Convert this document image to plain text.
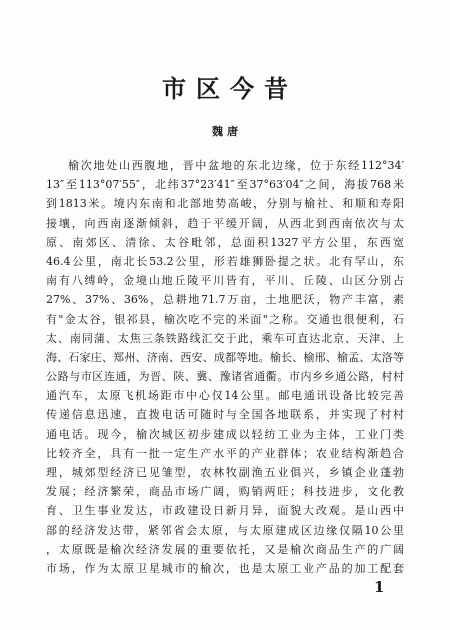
市区今昔
魏唐
榆次地处山西腹地，晋中盆地的东北边缘，位于东经112°34′
13″至113°07′55″，北纬37°23′41″至37°63′04″之间，海拔768米
到1813米。境内东南和北部地势高峻，分别与榆社、和顺和寿阳
接壤，向西南逐渐倾斜，趋于平缓开阔，从西北到西南依次与太
原、南郊区、清徐、太谷毗邻，总面积1327平方公里，东西宽
46.4公里，南北长53.2公里，形若雄狮卧提之状。北有罕山，东
南有八缚岭，金境山地丘陵平川皆有，平川、丘陵、山区分别占
27%、37%、36%，总耕地71.7万亩，土地肥沃，物产丰富，素
有"金太谷，银祁县，榆次吃不完的米面"之称。交通也很便利，石
太、南同蒲、太焦三条铁路线汇交于此，乘车可直达北京、天津、上
海、石家庄、郑州、济南、西安、成都等地。榆长、榆邢、榆孟、太洛等
公路与市区连通，为晋、陕、冀、豫诸省通衢。市内乡乡通公路，村村
通汽车，太原飞机场距市中心仅14公里。邮电通讯设备比较完善
传递信息迅速，直拨电话可随时与全国各地联系，并实现了村村
通电话。现今，榆次城区初步建成以轻纺工业为主体，工业门类
比较齐全，具有一批一定生产水平的产业群体；农业结构渐趋合
理，城郊型经济已见雏型，农林牧副渔五业俱兴，乡镇企业蓬勃
发展；经济繁荣，商品市场广阔，购销两旺；科技进步，文化教
育、卫生事业发达，市政建设日新月异，面貌大改观。是山西中
部的经济发达带，紧邻省会太原，与太原建成区边缘仅隔10公里
，太原既是榆次经济发展的重要依托，又是榆次商品生产的广阔
市场，作为太原卫星城市的榆次，也是太原工业产品的加工配套
1
